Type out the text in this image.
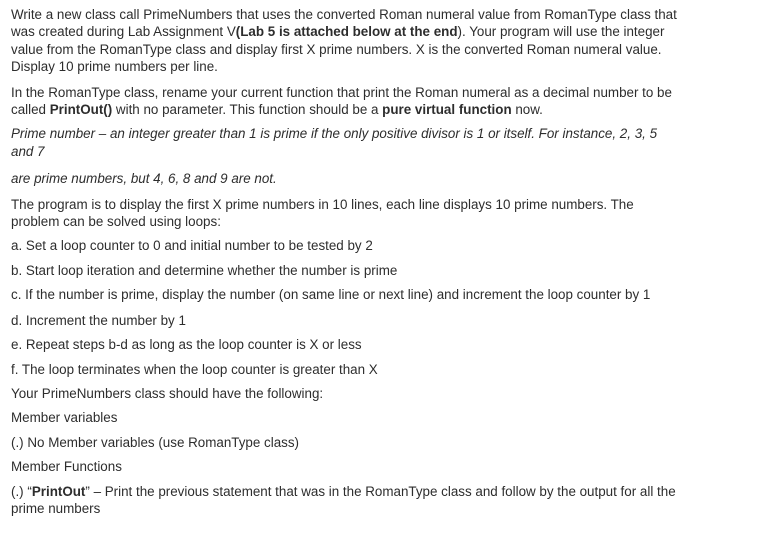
Write a new class call PrimeNumbers that uses the converted Roman numeral value from RomanType class that was created during Lab Assignment V(Lab 5 is attached below at the end). Your program will use the integer value from the RomanType class and display first X prime numbers. X is the converted Roman numeral value. Display 10 prime numbers per line.

In the RomanType class, rename your current function that print the Roman numeral as a decimal number to be called PrintOut() with no parameter. This function should be a pure virtual function now.

Prime number – an integer greater than 1 is prime if the only positive divisor is 1 or itself. For instance, 2, 3, 5 and 7

are prime numbers, but 4, 6, 8 and 9 are not.

The program is to display the first X prime numbers in 10 lines, each line displays 10 prime numbers. The problem can be solved using loops:

a. Set a loop counter to 0 and initial number to be tested by 2

b. Start loop iteration and determine whether the number is prime

c. If the number is prime, display the number (on same line or next line) and increment the loop counter by 1

d. Increment the number by 1

e. Repeat steps b-d as long as the loop counter is X or less

f. The loop terminates when the loop counter is greater than X

Your PrimeNumbers class should have the following:

Member variables

(.) No Member variables (use RomanType class)

Member Functions

(.) “PrintOut” – Print the previous statement that was in the RomanType class and follow by the output for all the prime numbers
